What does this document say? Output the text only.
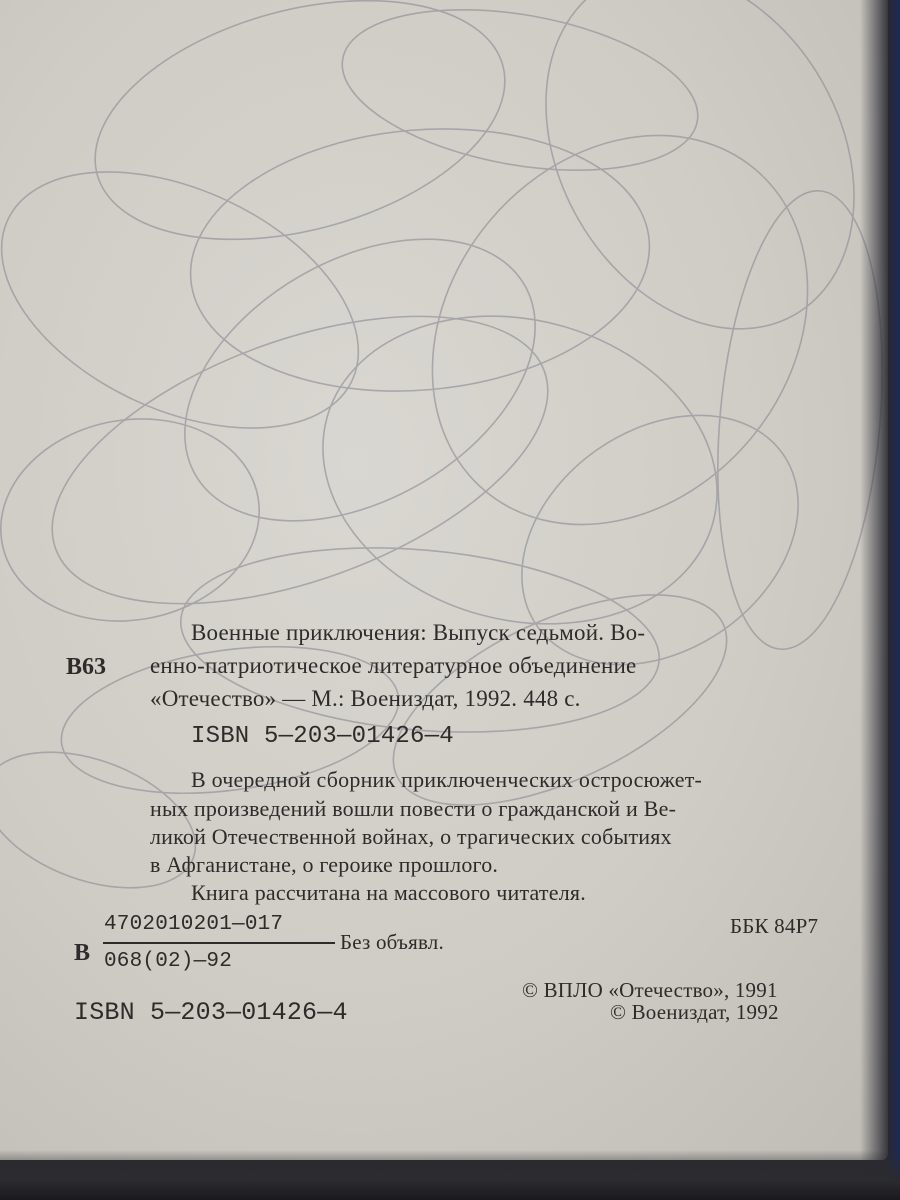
Военные приключения: Выпуск седьмой. Во-
В63 енно-патриотическое литературное объединение
«Отечество» — М.: Воениздат, 1992. 448 с.
ISBN 5—203—01426—4
В очередной сборник приключенческих остросюжет-
ных произведений вошли повести о гражданской и Ве-
ликой Отечественной войнах, о трагических событиях
в Афганистане, о героике прошлого.
Книга рассчитана на массового читателя.
В
4702010201—017
068(02)—92
Без объявл.
ББК 84Р7
ISBN 5—203—01426—4
© ВПЛО «Отечество», 1991
© Воениздат, 1992
